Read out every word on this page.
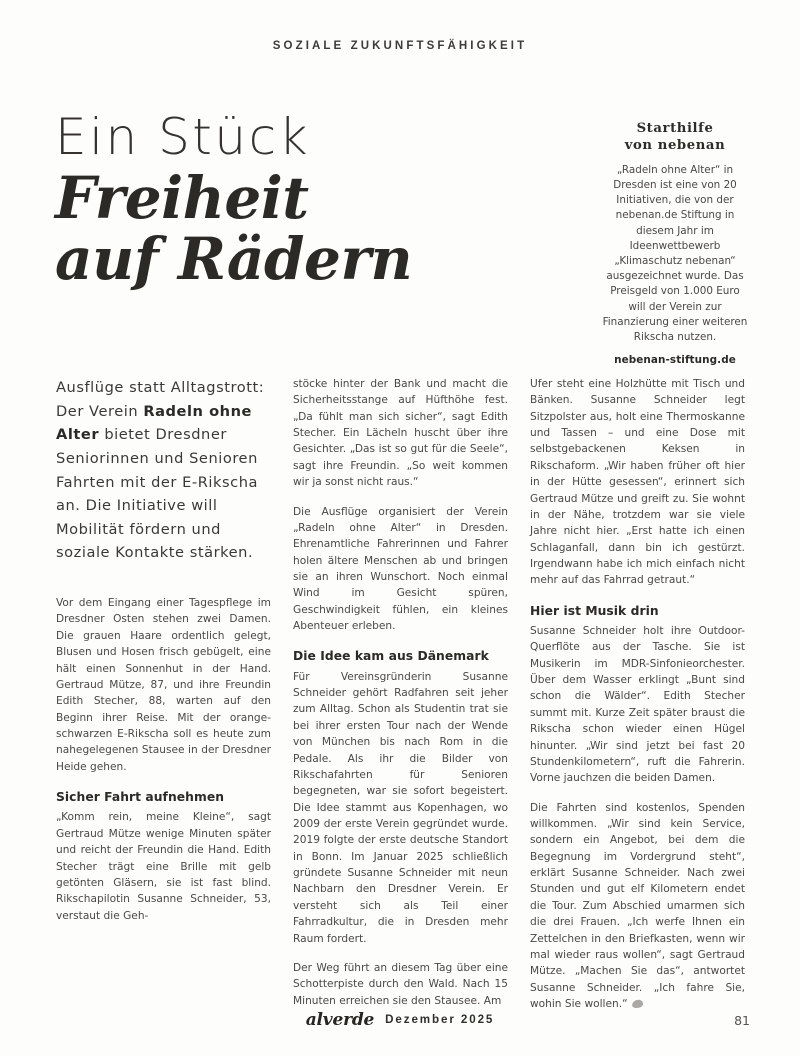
SOZIALE ZUKUNFTSFÄHIGKEIT
Ein Stück
Freiheit
auf Rädern
Starthilfe
von nebenan
„Radeln ohne Alter“ in Dresden ist eine von 20 Initiativen, die von der nebenan.de Stiftung in diesem Jahr im Ideenwettbewerb „Klimaschutz nebenan“ ausgezeichnet wurde. Das Preisgeld von 1.000 Euro will der Verein zur Finanzierung einer weiteren Rikscha nutzen.
nebenan-stiftung.de

Ausflüge statt Alltagstrott: Der Verein Radeln ohne Alter bietet Dresdner Seniorinnen und Senioren Fahrten mit der E-Rikscha an. Die Initiative will Mobilität fördern und soziale Kontakte stärken.

Vor dem Eingang einer Tagespflege im Dresdner Osten stehen zwei Damen. Die grauen Haare ordentlich gelegt, Blusen und Hosen frisch gebügelt, eine hält einen Sonnenhut in der Hand. Gertraud Mütze, 87, und ihre Freundin Edith Stecher, 88, warten auf den Beginn ihrer Reise. Mit der orange-schwarzen E-Rikscha soll es heute zum nahegelegenen Stausee in der Dresdner Heide gehen.

Sicher Fahrt aufnehmen

„Komm rein, meine Kleine“, sagt Gertraud Mütze wenige Minuten später und reicht der Freundin die Hand. Edith Stecher trägt eine Brille mit gelb getönten Gläsern, sie ist fast blind. Rikschapilotin Susanne Schneider, 53, verstaut die Geh-

stöcke hinter der Bank und macht die Sicherheitsstange auf Hüfthöhe fest. „Da fühlt man sich sicher“, sagt Edith Stecher. Ein Lächeln huscht über ihre Gesichter. „Das ist so gut für die Seele“, sagt ihre Freundin. „So weit kommen wir ja sonst nicht raus.“

Die Ausflüge organisiert der Verein „Radeln ohne Alter“ in Dresden. Ehrenamtliche Fahrerinnen und Fahrer holen ältere Menschen ab und bringen sie an ihren Wunschort. Noch einmal Wind im Gesicht spüren, Geschwindigkeit fühlen, ein kleines Abenteuer erleben.

Die Idee kam aus Dänemark

Für Vereinsgründerin Susanne Schneider gehört Radfahren seit jeher zum Alltag. Schon als Studentin trat sie bei ihrer ersten Tour nach der Wende von München bis nach Rom in die Pedale. Als ihr die Bilder von Rikschafahrten für Senioren begegneten, war sie sofort begeistert. Die Idee stammt aus Kopenhagen, wo 2009 der erste Verein gegründet wurde. 2019 folgte der erste deutsche Standort in Bonn. Im Januar 2025 schließlich gründete Susanne Schneider mit neun Nachbarn den Dresdner Verein. Er versteht sich als Teil einer Fahrradkultur, die in Dresden mehr Raum fordert.

Der Weg führt an diesem Tag über eine Schotterpiste durch den Wald. Nach 15 Minuten erreichen sie den Stausee. Am

Ufer steht eine Holzhütte mit Tisch und Bänken. Susanne Schneider legt Sitzpolster aus, holt eine Thermoskanne und Tassen – und eine Dose mit selbstgebackenen Keksen in Rikschaform. „Wir haben früher oft hier in der Hütte gesessen“, erinnert sich Gertraud Mütze und greift zu. Sie wohnt in der Nähe, trotzdem war sie viele Jahre nicht hier. „Erst hatte ich einen Schlaganfall, dann bin ich gestürzt. Irgendwann habe ich mich einfach nicht mehr auf das Fahrrad getraut.“

Hier ist Musik drin

Susanne Schneider holt ihre Outdoor-Querflöte aus der Tasche. Sie ist Musikerin im MDR-Sinfonieorchester. Über dem Wasser erklingt „Bunt sind schon die Wälder“. Edith Stecher summt mit. Kurze Zeit später braust die Rikscha schon wieder einen Hügel hinunter. „Wir sind jetzt bei fast 20 Stundenkilometern“, ruft die Fahrerin. Vorne jauchzen die beiden Damen.

Die Fahrten sind kostenlos, Spenden willkommen. „Wir sind kein Service, sondern ein Angebot, bei dem die Begegnung im Vordergrund steht“, erklärt Susanne Schneider. Nach zwei Stunden und gut elf Kilometern endet die Tour. Zum Abschied umarmen sich die drei Frauen. „Ich werfe Ihnen ein Zettelchen in den Briefkasten, wenn wir mal wieder raus wollen“, sagt Gertraud Mütze. „Machen Sie das“, antwortet Susanne Schneider. „Ich fahre Sie, wohin Sie wollen.“

alverde Dezember 2025	81
